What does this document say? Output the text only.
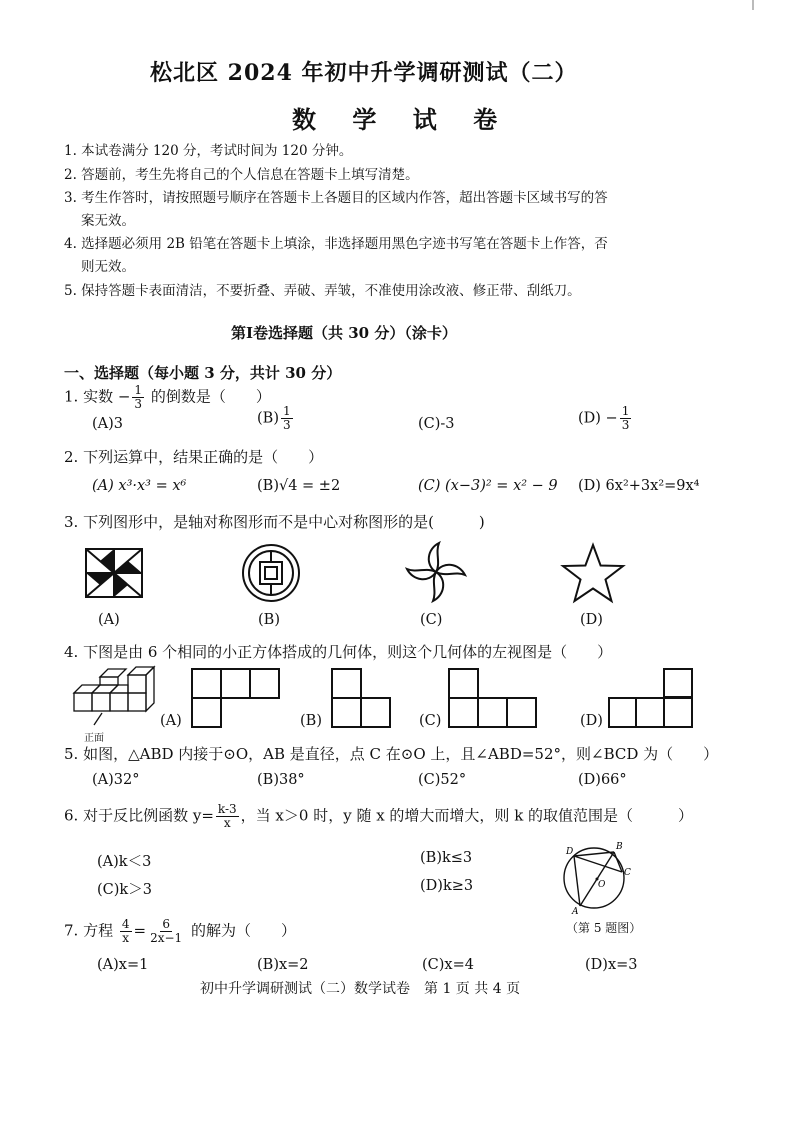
松北区 2024 年初中升学调研测试（二）
数 学 试 卷
1. 本试卷满分 120 分，考试时间为 120 分钟。
2. 答题前，考生先将自己的个人信息在答题卡上填写清楚。
3. 考生作答时，请按照题号顺序在答题卡上各题目的区域内作答，超出答题卡区域书写的答
案无效。
4. 选择题必须用 2B 铅笔在答题卡上填涂，非选择题用黑色字迹书写笔在答题卡上作答，否
则无效。
5. 保持答题卡表面清洁，不要折叠、弄破、弄皱，不准使用涂改液、修正带、刮纸刀。
第Ⅰ卷选择题（共 30 分）（涂卡）
一、选择题（每小题 3 分，共计 30 分）
1. 实数 − $\frac{1}{3}$ 的倒数是（　　）
(A)3	$(B) \frac{1}{3}$	(C)-3	$(D) - \frac{1}{3}$
2. 下列运算中，结果正确的是（　　）
(A) x³·x³ = x⁶	(B)√4 = ±2	(C) (x−3)² = x² − 9 (D) 6x²+3x²=9x⁴
3. 下列图形中，是轴对称图形而不是中心对称图形的是(　　　)
(A)	(B)	(C)	(D)
4. 下图是由 6 个相同的小正方体搭成的几何体，则这个几何体的左视图是（　　）
正面
(A)	(B)	(C)	(D)
5. 如图，△ABD 内接于⊙O，AB 是直径，点 C 在⊙O 上，且∠ABD=52°，则∠BCD 为（　　）
(A)32°	(B)38°	(C)52°	(D)66°
6. 对于反比例函数 $y= \frac{k-3}{x}$ ，当 x＞0 时，y 随 x 的增大而增大，则 k 的取值范围是（　　　）
(A)k＜3	(B)k≤3
(C)k＞3	(D)k≥3
D	B
A
C
O
（第 5 题图）
7. 方程 $\frac{4}{x} = \frac{6}{2x-1}$ 的解为（　　）
(A)x=1	(B)x=2	(C)x=4	(D)x=3
初中升学调研测试（二）数学试卷　第 1 页 共 4 页
